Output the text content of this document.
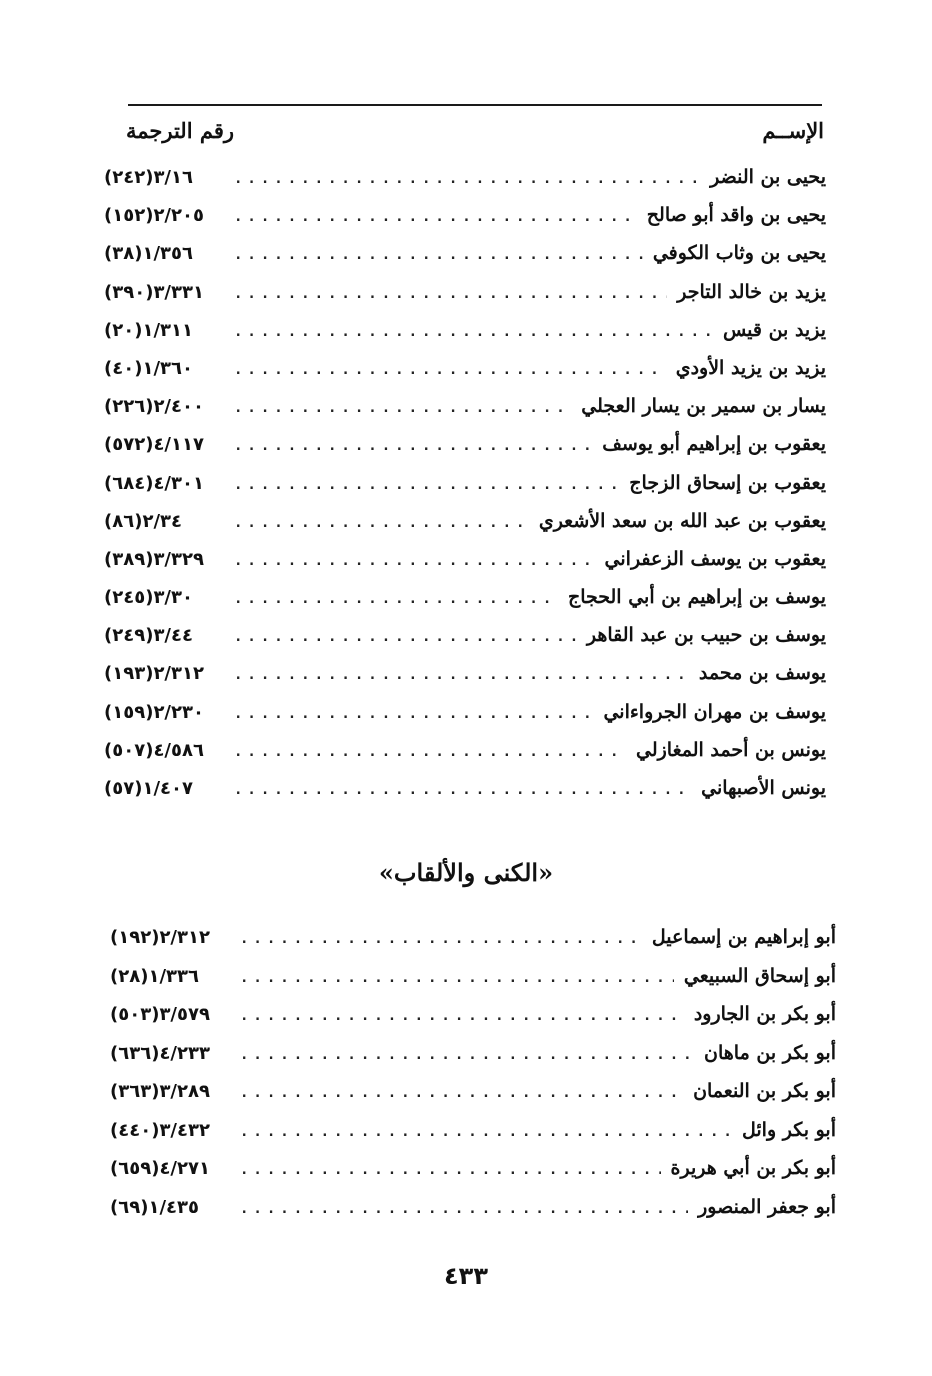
الإســم
رقم الترجمة
يحيى بن النضر
.....
٣/١٦(٢٤٢)
يحيى بن واقد أبو صالح
.....
٢/٢٠٥(١٥٢)
يحيى بن وثاب الكوفي
.....
١/٣٥٦(٣٨)
يزيد بن خالد التاجر
.....
٣/٣٣١(٣٩٠)
يزيد بن قيس
.....
١/٣١١(٢٠)
يزيد بن يزيد الأودي
.....
١/٣٦٠(٤٠)
يسار بن سمير بن يسار العجلي
.....
٢/٤٠٠(٢٢٦)
يعقوب بن إبراهيم أبو يوسف
.....
٤/١١٧(٥٧٢)
يعقوب بن إسحاق الزجاج
.....
٤/٣٠١(٦٨٤)
يعقوب بن عبد الله بن سعد الأشعري
.....
٢/٣٤(٨٦)
يعقوب بن يوسف الزعفراني
.....
٣/٣٢٩(٣٨٩)
يوسف بن إبراهيم بن أبي الحجاج
.....
٣/٣٠(٢٤٥)
يوسف بن حبيب بن عبد القاهر
.....
٣/٤٤(٢٤٩)
يوسف بن محمد
.....
٢/٣١٢(١٩٣)
يوسف بن مهران الجرواءاني
.....
٢/٢٣٠(١٥٩)
يونس بن أحمد المغازلي
.....
٤/٥٨٦(٥٠٧)
يونس الأصبهاني
.....
١/٤٠٧(٥٧)
«الكنى والألقاب»
أبو إبراهيم بن إسماعيل
.....
٢/٣١٢(١٩٢)
أبو إسحاق السبيعي
.....
١/٣٣٦(٢٨)
أبو بكر بن الجارود
.....
٣/٥٧٩(٥٠٣)
أبو بكر بن ماهان
.....
٤/٢٣٣(٦٣٦)
أبو بكر بن النعمان
.....
٣/٢٨٩(٣٦٣)
أبو بكر وائل
.....
٣/٤٣٢(٤٤٠)
أبو بكر بن أبي هريرة
.....
٤/٢٧١(٦٥٩)
أبو جعفر المنصور
.....
١/٤٣٥(٦٩)
٤٣٣
